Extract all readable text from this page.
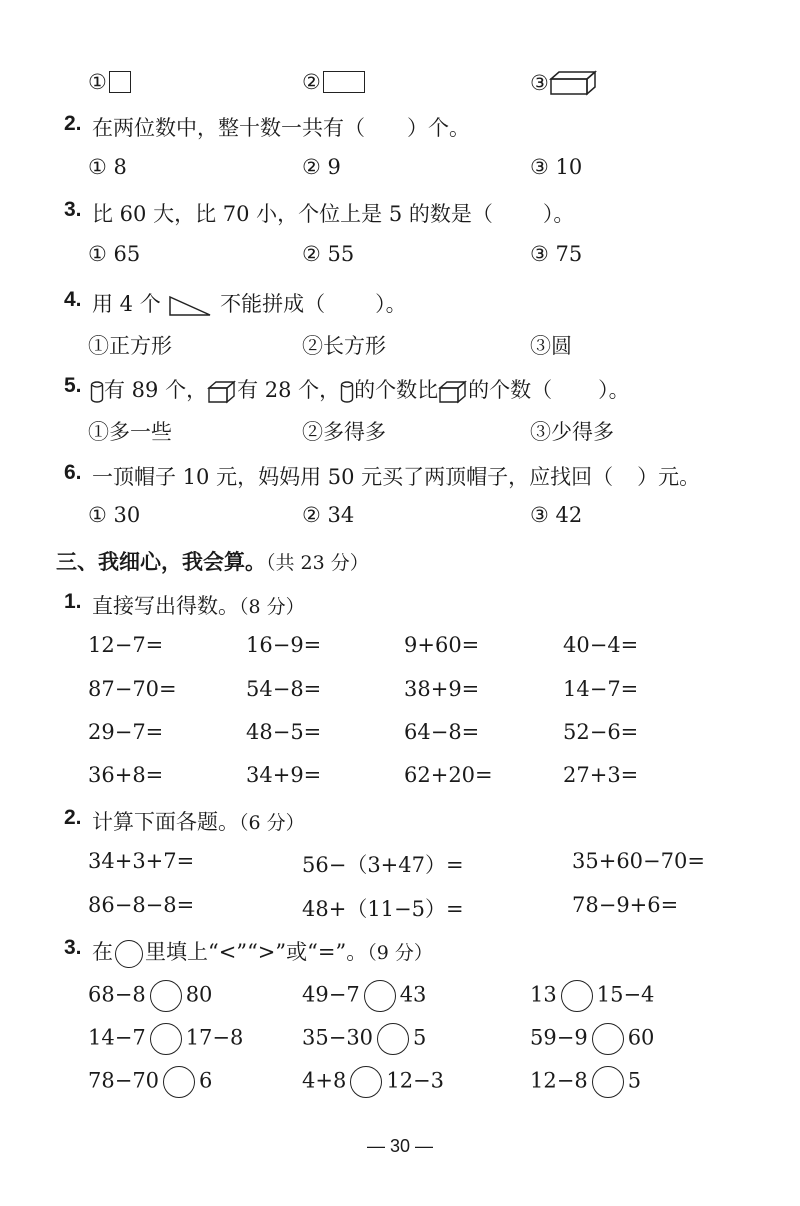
①	②	③
2. 在两位数中，整十数一共有（ ）个。
① 8	② 9	③ 10
3. 比 60 大，比 70 小，个位上是 5 的数是（ ）。
① 65	② 55	③ 75
4. 用 4 个	不能拼成（ ）。
①正方形	②长方形	③圆
5.	有 89 个， 有 28 个， 的个数比 的个数（ ）。
①多一些	②多得多	③少得多
6. 一顶帽子 10 元，妈妈用 50 元买了两顶帽子，应找回（ ）元。
① 30	② 34	③ 42
三、我细心，我会算。（共 23 分）
1. 直接写出得数。（8 分）
12−7=	16−9=	9+60=	40−4=
87−70=	54−8=	38+9=	14−7=
29−7=	48−5=	64−8=	52−6=
36+8=	34+9=	62+20=	27+3=
2. 计算下面各题。（6 分）
34+3+7=	56−（3+47）=	35+60−70=
86−8−8=	48+（11−5）=	78−9+6=
3. 在 里填上“<”“>”或“=”。（9 分）
68−8 80	49−7 43	13 15−4
14−7 17−8	35−30 5	59−9 60
78−70 6	4+8 12−3	12−8 5
— 30 —
